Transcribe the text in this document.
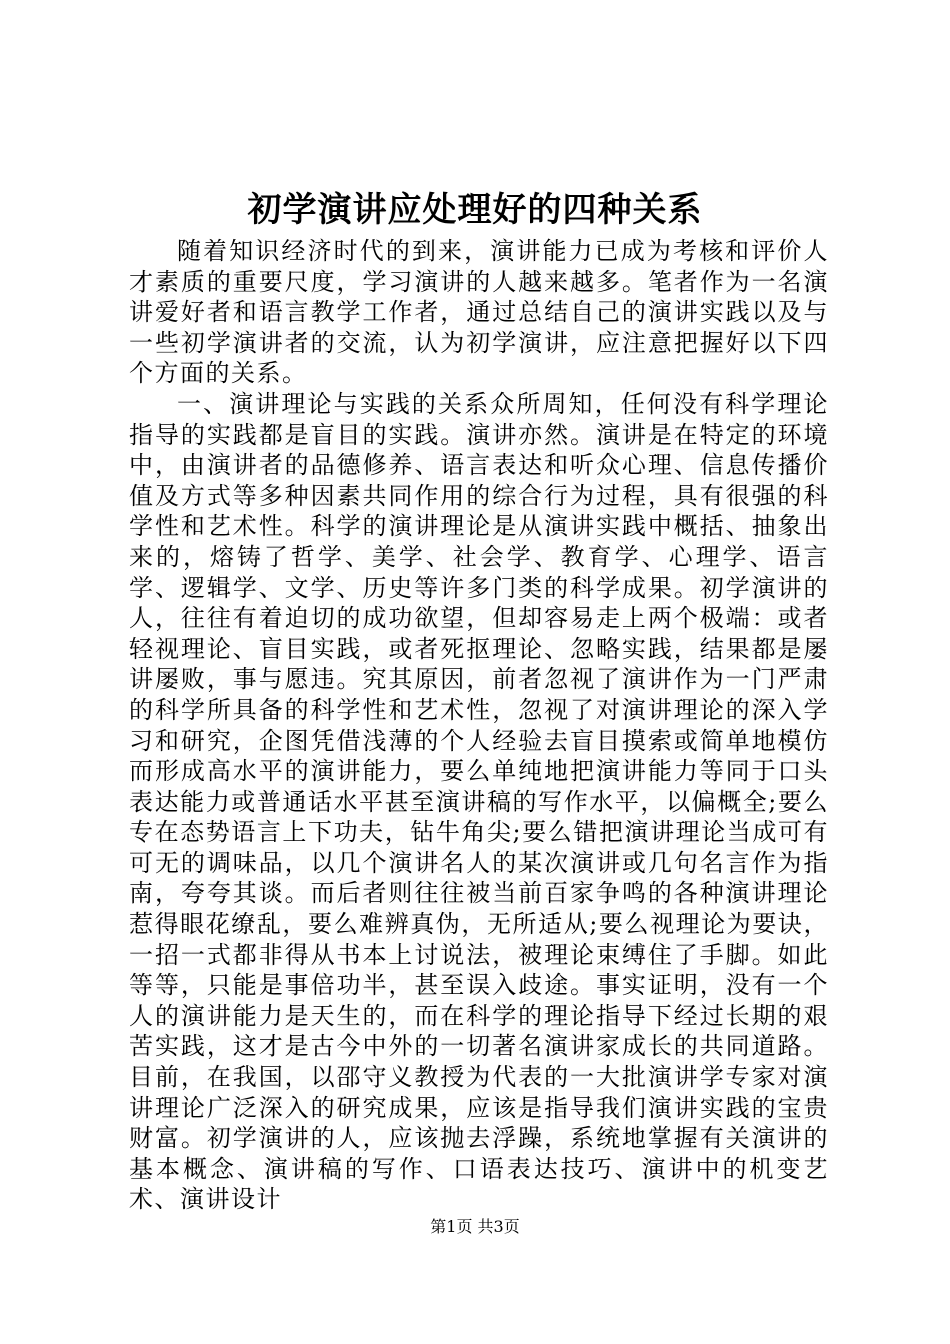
初学演讲应处理好的四种关系

随着知识经济时代的到来，演讲能力已成为考核和评价人才素质的重要尺度，学习演讲的人越来越多。笔者作为一名演讲爱好者和语言教学工作者，通过总结自己的演讲实践以及与一些初学演讲者的交流，认为初学演讲，应注意把握好以下四个方面的关系。

一、演讲理论与实践的关系众所周知，任何没有科学理论指导的实践都是盲目的实践。演讲亦然。演讲是在特定的环境中，由演讲者的品德修养、语言表达和听众心理、信息传播价值及方式等多种因素共同作用的综合行为过程，具有很强的科学性和艺术性。科学的演讲理论是从演讲实践中概括、抽象出来的，熔铸了哲学、美学、社会学、教育学、心理学、语言学、逻辑学、文学、历史等许多门类的科学成果。初学演讲的人，往往有着迫切的成功欲望，但却容易走上两个极端：或者轻视理论、盲目实践，或者死抠理论、忽略实践，结果都是屡讲屡败，事与愿违。究其原因，前者忽视了演讲作为一门严肃的科学所具备的科学性和艺术性，忽视了对演讲理论的深入学习和研究，企图凭借浅薄的个人经验去盲目摸索或简单地模仿而形成高水平的演讲能力，要么单纯地把演讲能力等同于口头表达能力或普通话水平甚至演讲稿的写作水平，以偏概全;要么专在态势语言上下功夫，钻牛角尖;要么错把演讲理论当成可有可无的调味品，以几个演讲名人的某次演讲或几句名言作为指南，夸夸其谈。而后者则往往被当前百家争鸣的各种演讲理论惹得眼花缭乱，要么难辨真伪，无所适从;要么视理论为要诀，一招一式都非得从书本上讨说法，被理论束缚住了手脚。如此等等，只能是事倍功半，甚至误入歧途。事实证明，没有一个人的演讲能力是天生的，而在科学的理论指导下经过长期的艰苦实践，这才是古今中外的一切著名演讲家成长的共同道路。目前，在我国，以邵守义教授为代表的一大批演讲学专家对演讲理论广泛深入的研究成果，应该是指导我们演讲实践的宝贵财富。初学演讲的人，应该抛去浮躁，系统地掌握有关演讲的基本概念、演讲稿的写作、口语表达技巧、演讲中的机变艺术、演讲设计

第1页 共3页
